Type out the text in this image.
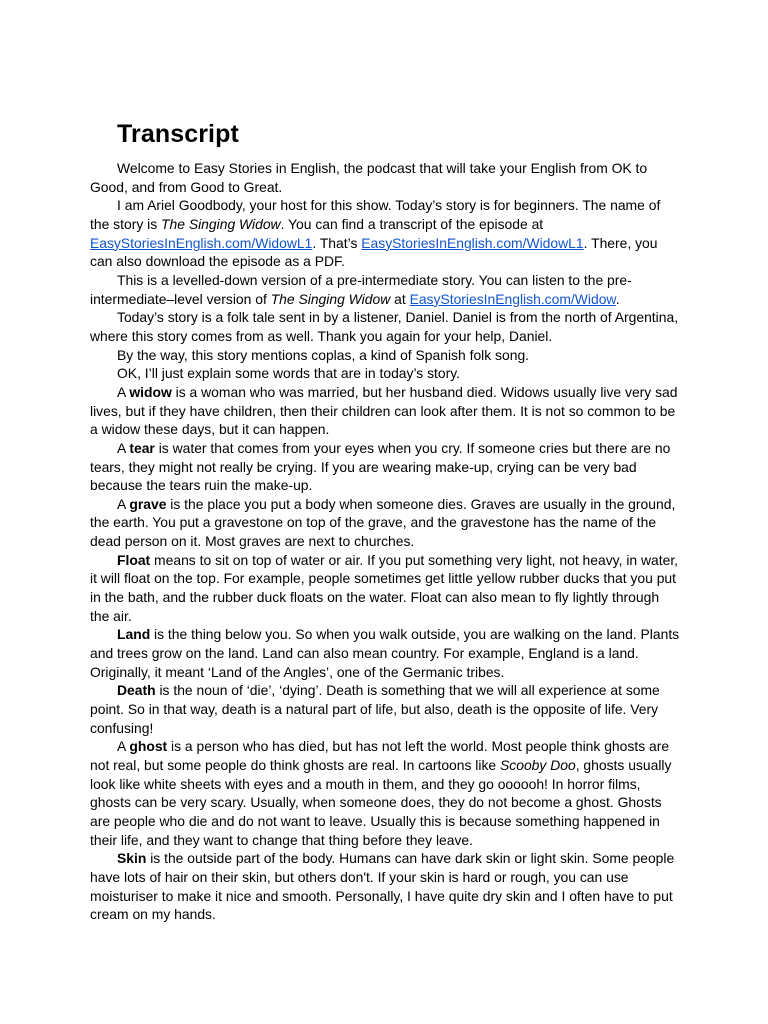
Transcript

Welcome to Easy Stories in English, the podcast that will take your English from OK to Good, and from Good to Great.

I am Ariel Goodbody, your host for this show. Today’s story is for beginners. The name of the story is The Singing Widow. You can find a transcript of the episode at EasyStoriesInEnglish.com/WidowL1. That’s EasyStoriesInEnglish.com/WidowL1. There, you can also download the episode as a PDF.

This is a levelled-down version of a pre-intermediate story. You can listen to the pre-intermediate–level version of The Singing Widow at EasyStoriesInEnglish.com/Widow.

Today’s story is a folk tale sent in by a listener, Daniel. Daniel is from the north of Argentina, where this story comes from as well. Thank you again for your help, Daniel.

By the way, this story mentions coplas, a kind of Spanish folk song.

OK, I’ll just explain some words that are in today’s story.

A widow is a woman who was married, but her husband died. Widows usually live very sad lives, but if they have children, then their children can look after them. It is not so common to be a widow these days, but it can happen.

A tear is water that comes from your eyes when you cry. If someone cries but there are no tears, they might not really be crying. If you are wearing make-up, crying can be very bad because the tears ruin the make-up.

A grave is the place you put a body when someone dies. Graves are usually in the ground, the earth. You put a gravestone on top of the grave, and the gravestone has the name of the dead person on it. Most graves are next to churches.

Float means to sit on top of water or air. If you put something very light, not heavy, in water, it will float on the top. For example, people sometimes get little yellow rubber ducks that you put in the bath, and the rubber duck floats on the water. Float can also mean to fly lightly through the air.

Land is the thing below you. So when you walk outside, you are walking on the land. Plants and trees grow on the land. Land can also mean country. For example, England is a land. Originally, it meant ‘Land of the Angles’, one of the Germanic tribes.

Death is the noun of ‘die’, ‘dying’. Death is something that we will all experience at some point. So in that way, death is a natural part of life, but also, death is the opposite of life. Very confusing!

A ghost is a person who has died, but has not left the world. Most people think ghosts are not real, but some people do think ghosts are real. In cartoons like Scooby Doo, ghosts usually look like white sheets with eyes and a mouth in them, and they go oooooh! In horror films, ghosts can be very scary. Usually, when someone does, they do not become a ghost. Ghosts are people who die and do not want to leave. Usually this is because something happened in their life, and they want to change that thing before they leave.

Skin is the outside part of the body. Humans can have dark skin or light skin. Some people have lots of hair on their skin, but others don't. If your skin is hard or rough, you can use moisturiser to make it nice and smooth. Personally, I have quite dry skin and I often have to put cream on my hands.
